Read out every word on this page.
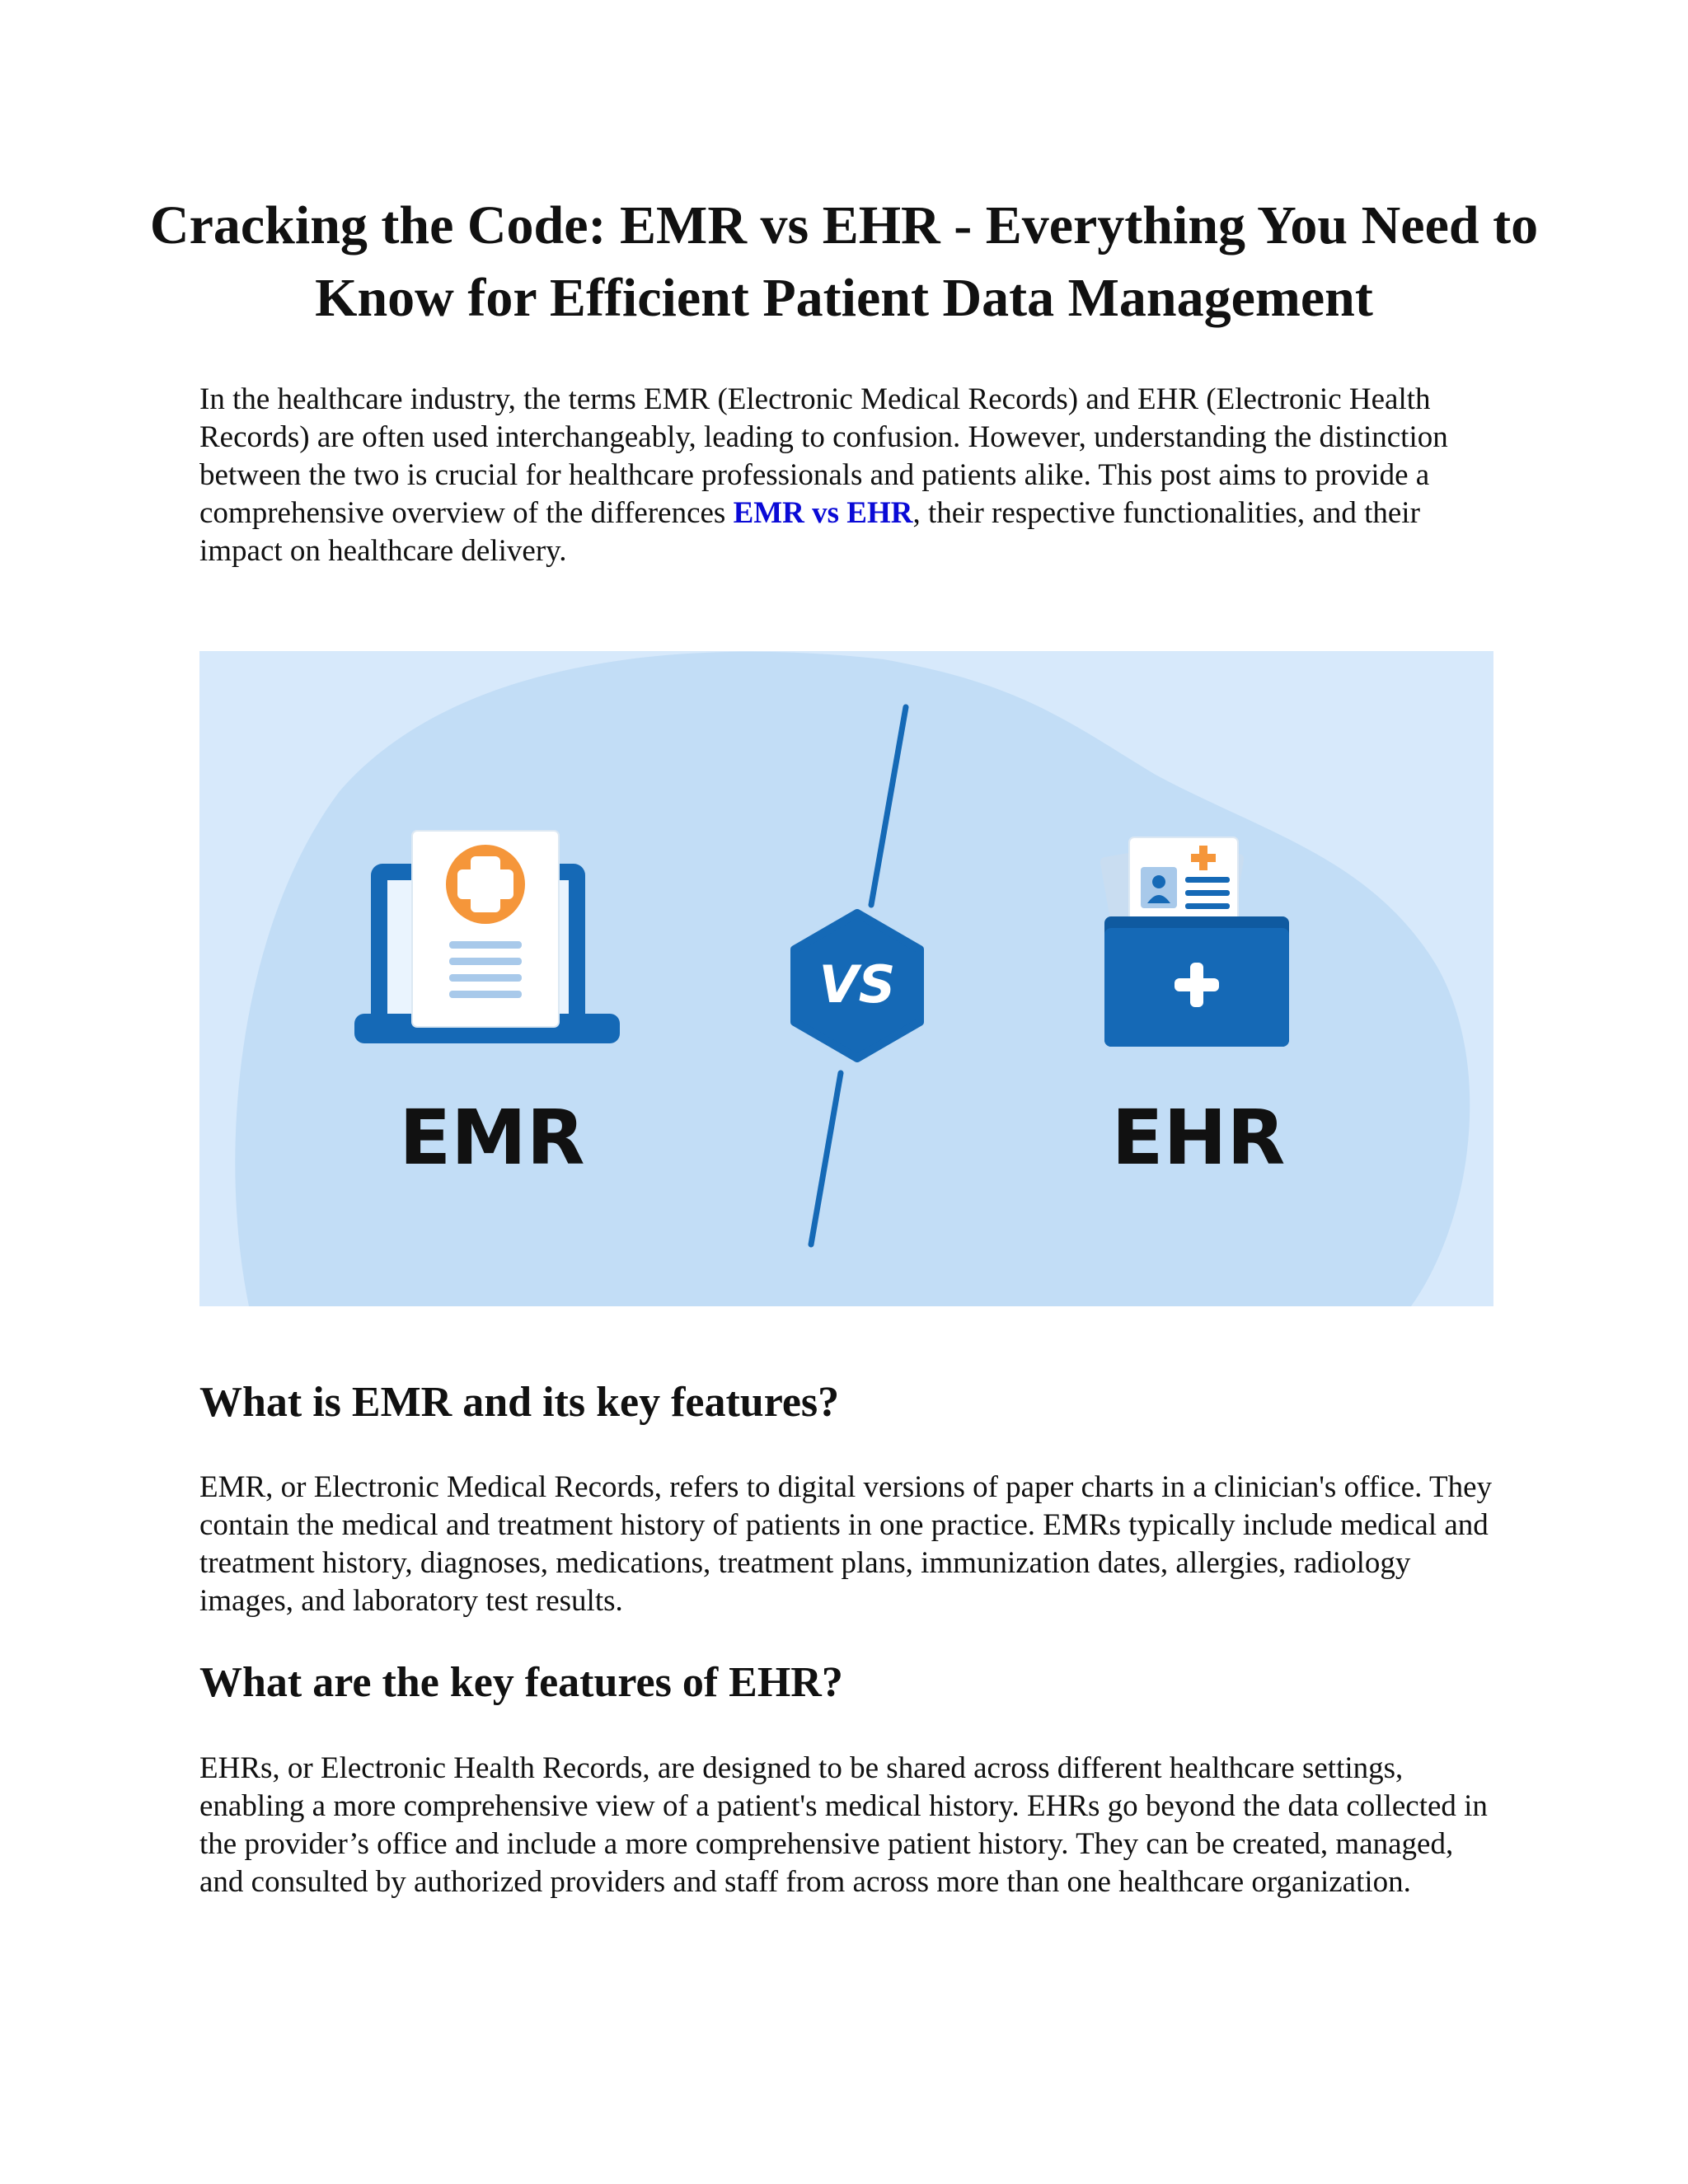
Cracking the Code: EMR vs EHR - Everything You Need to Know for Efficient Patient Data Management

In the healthcare industry, the terms EMR (Electronic Medical Records) and EHR (Electronic Health Records) are often used interchangeably, leading to confusion. However, understanding the distinction between the two is crucial for healthcare professionals and patients alike. This post aims to provide a comprehensive overview of the differences EMR vs EHR, their respective functionalities, and their impact on healthcare delivery.

VS
EMR	EHR
What is EMR and its key features?

EMR, or Electronic Medical Records, refers to digital versions of paper charts in a clinician's office. They contain the medical and treatment history of patients in one practice. EMRs typically include medical and treatment history, diagnoses, medications, treatment plans, immunization dates, allergies, radiology images, and laboratory test results.

What are the key features of EHR?

EHRs, or Electronic Health Records, are designed to be shared across different healthcare settings, enabling a more comprehensive view of a patient's medical history. EHRs go beyond the data collected in the provider’s office and include a more comprehensive patient history. They can be created, managed, and consulted by authorized providers and staff from across more than one healthcare organization.
